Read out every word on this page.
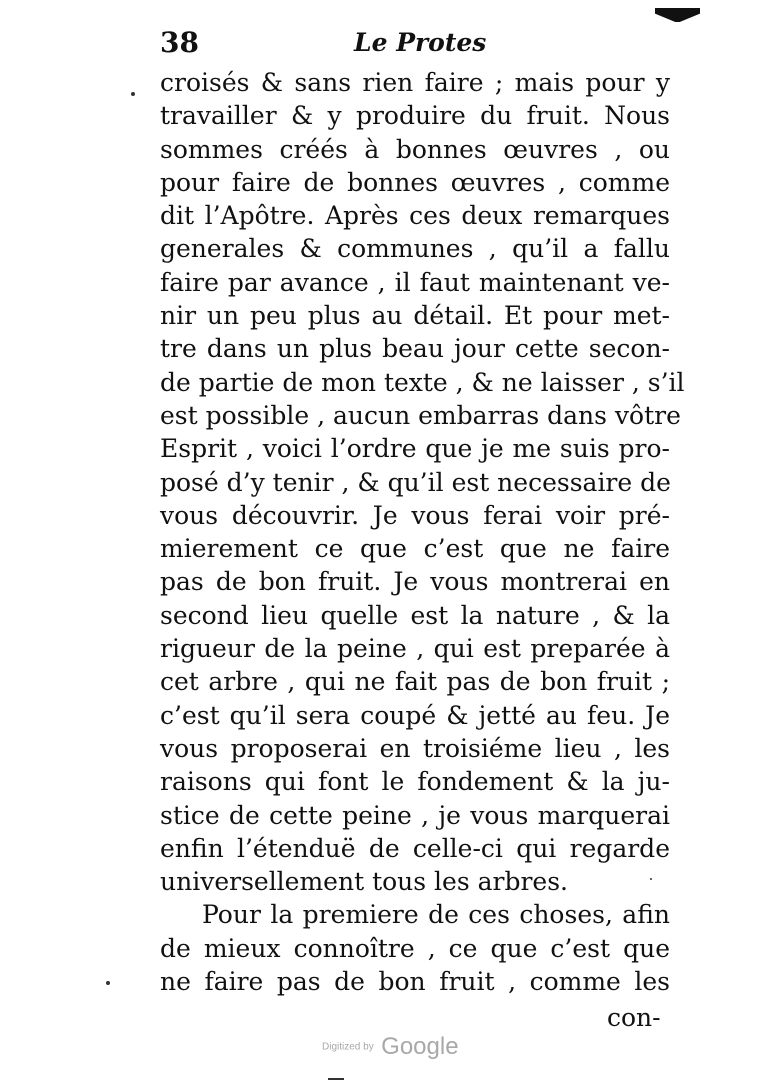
38	Le Protes
croisés & sans rien faire ; mais pour y
travailler & y produire du fruit. Nous
sommes créés à bonnes œuvres , ou
pour faire de bonnes œuvres , comme
dit l’Apôtre. Après ces deux remarques
generales & communes , qu’il a fallu
faire par avance , il faut maintenant ve-
nir un peu plus au détail. Et pour met-
tre dans un plus beau jour cette secon-
de partie de mon texte , & ne laisser , s’il
est possible , aucun embarras dans vôtre
Esprit , voici l’ordre que je me suis pro-
posé d’y tenir , & qu’il est necessaire de
vous découvrir. Je vous ferai voir pré-
mierement ce que c’est que ne faire
pas de bon fruit. Je vous montrerai en
second lieu quelle est la nature , & la
rigueur de la peine , qui est preparée à
cet arbre , qui ne fait pas de bon fruit ;
c’est qu’il sera coupé & jetté au feu. Je
vous proposerai en troisiéme lieu , les
raisons qui font le fondement & la ju-
stice de cette peine , je vous marquerai
enfin l’étenduë de celle-ci qui regarde
universellement tous les arbres.
Pour la premiere de ces choses, afin
de mieux connoître , ce que c’est que
ne faire pas de bon fruit , comme les
con-
Digitized by Google
